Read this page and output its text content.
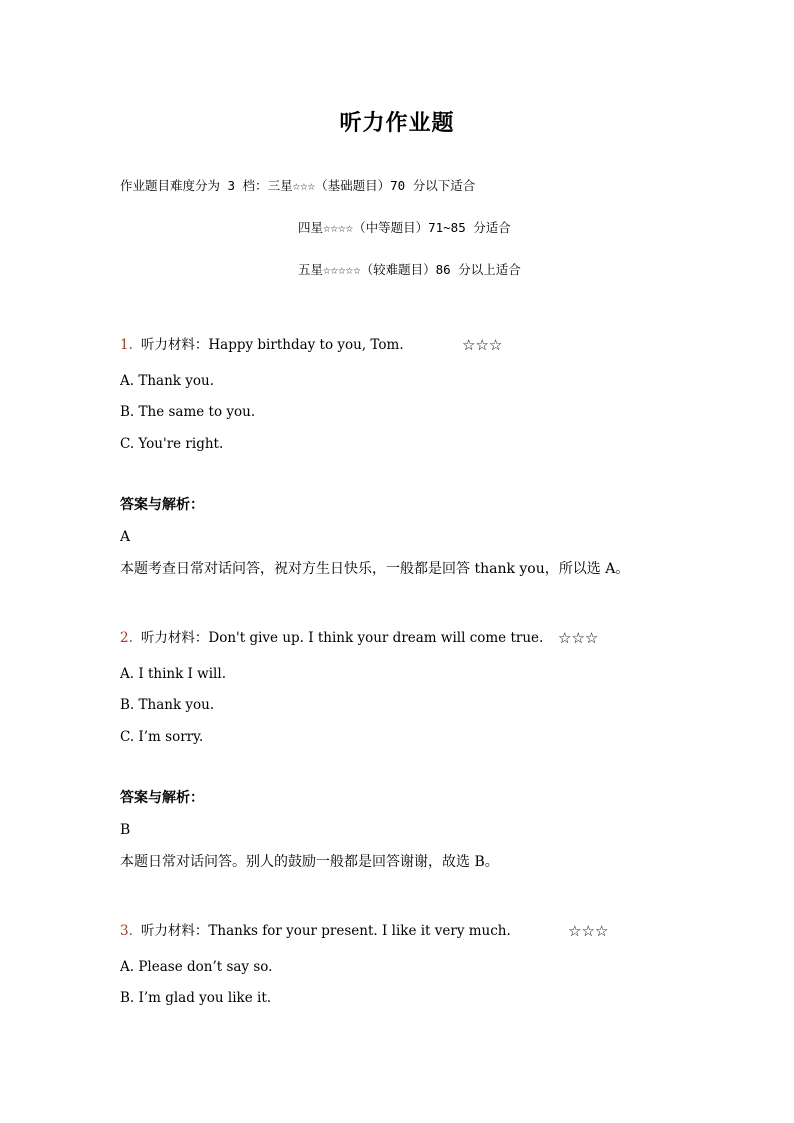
听力作业题
作业题目难度分为 3 档：三星☆☆☆（基础题目）70 分以下适合
四星☆☆☆☆（中等题目）71~85 分适合
五星☆☆☆☆☆（较难题目）86 分以上适合
1. 听力材料：Happy birthday to you, Tom.	☆☆☆
A. Thank you.
B. The same to you.
C. You're right.
答案与解析：
A
本题考查日常对话问答，祝对方生日快乐，一般都是回答 thank you，所以选 A。
2. 听力材料：Don't give up. I think your dream will come true. ☆☆☆
A. I think I will.
B. Thank you.
C. I’m sorry.
答案与解析：
B
本题日常对话问答。别人的鼓励一般都是回答谢谢，故选 B。
3. 听力材料：Thanks for your present. I like it very much.	☆☆☆
A. Please don’t say so.
B. I’m glad you like it.
